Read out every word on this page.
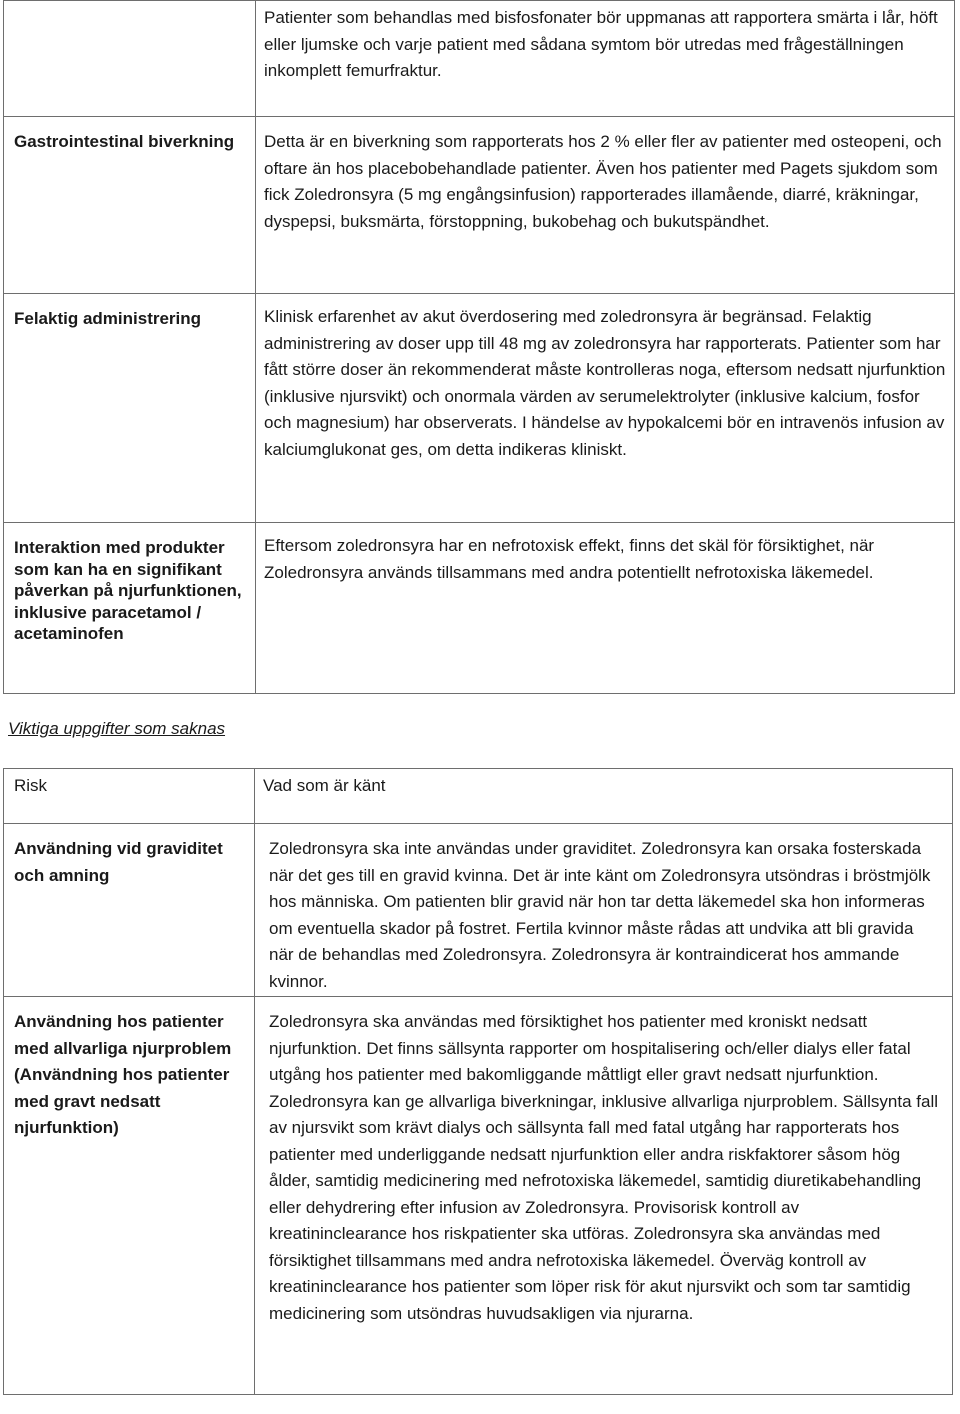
	Patienter som behandlas med bisfosfonater bör uppmanas att rapportera smärta i lår, höft eller ljumske och varje patient med sådana symtom bör utredas med frågeställningen inkomplett femurfraktur.
Gastrointestinal biverkning	Detta är en biverkning som rapporterats hos 2 % eller fler av patienter med osteopeni, och oftare än hos placebobehandlade patienter. Även hos patienter med Pagets sjukdom som fick Zoledronsyra (5 mg engångsinfusion) rapporterades illamående, diarré, kräkningar, dyspepsi, buksmärta, förstoppning, bukobehag och bukutspändhet.
Felaktig administrering	Klinisk erfarenhet av akut överdosering med zoledronsyra är begränsad. Felaktig administrering av doser upp till 48 mg av zoledronsyra har rapporterats. Patienter som har fått större doser än rekommenderat måste kontrolleras noga, eftersom nedsatt njurfunktion (inklusive njursvikt) och onormala värden av serumelektrolyter (inklusive kalcium, fosfor och magnesium) har observerats. I händelse av hypokalcemi bör en intravenös infusion av kalciumglukonat ges, om detta indikeras kliniskt.
Interaktion med produkter som kan ha en signifikant påverkan på njurfunktionen, inklusive paracetamol / acetaminofen	Eftersom zoledronsyra har en nefrotoxisk effekt, finns det skäl för försiktighet, när Zoledronsyra används tillsammans med andra potentiellt nefrotoxiska läkemedel.
Viktiga uppgifter som saknas
Risk	Vad som är känt
Användning vid graviditet och amning	Zoledronsyra ska inte användas under graviditet. Zoledronsyra kan orsaka fosterskada när det ges till en gravid kvinna. Det är inte känt om Zoledronsyra utsöndras i bröstmjölk hos människa. Om patienten blir gravid när hon tar detta läkemedel ska hon informeras om eventuella skador på fostret. Fertila kvinnor måste rådas att undvika att bli gravida när de behandlas med Zoledronsyra. Zoledronsyra är kontraindicerat hos ammande kvinnor.
Användning hos patienter med allvarliga njurproblem (Användning hos patienter med gravt nedsatt njurfunktion)	Zoledronsyra ska användas med försiktighet hos patienter med kroniskt nedsatt njurfunktion. Det finns sällsynta rapporter om hospitalisering och/eller dialys eller fatal utgång hos patienter med bakomliggande måttligt eller gravt nedsatt njurfunktion. Zoledronsyra kan ge allvarliga biverkningar, inklusive allvarliga njurproblem. Sällsynta fall av njursvikt som krävt dialys och sällsynta fall med fatal utgång har rapporterats hos patienter med underliggande nedsatt njurfunktion eller andra riskfaktorer såsom hög ålder, samtidig medicinering med nefrotoxiska läkemedel, samtidig diuretikabehandling eller dehydrering efter infusion av Zoledronsyra. Provisorisk kontroll av kreatininclearance hos riskpatienter ska utföras. Zoledronsyra ska användas med försiktighet tillsammans med andra nefrotoxiska läkemedel. Överväg kontroll av kreatininclearance hos patienter som löper risk för akut njursvikt och som tar samtidig medicinering som utsöndras huvudsakligen via njurarna.
